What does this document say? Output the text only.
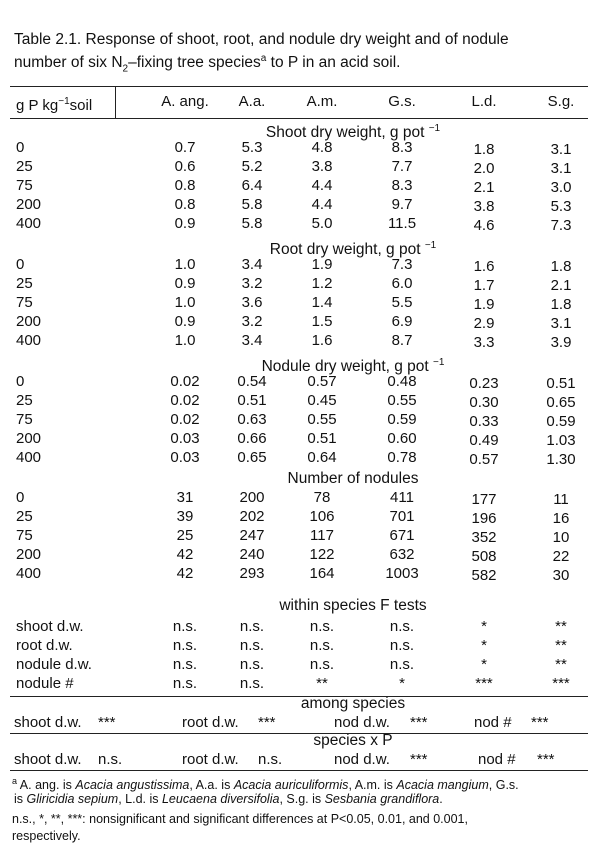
Table 2.1. Response of shoot, root, and nodule dry weight and of nodule
number of six $N_2$–fixing tree species$^a$ to P in an acid soil.
g P $kg^{-1}soil$	A. ang.	A.a.	A.m.	G.s.	L.d.	S.g.
Shoot dry weight, g pot $^{-1}$
0	0.7	5.3	4.8	8.3	1.8	3.1
25	0.6	5.2	3.8	7.7	2.0	3.1
75	0.8	6.4	4.4	8.3	2.1	3.0
200	0.8	5.8	4.4	9.7	3.8	5.3
400	0.9	5.8	5.0	11.5	4.6	7.3
Root dry weight, g pot $^{-1}$
0	1.0	3.4	1.9	7.3	1.6	1.8
25	0.9	3.2	1.2	6.0	1.7	2.1
75	1.0	3.6	1.4	5.5	1.9	1.8
200	0.9	3.2	1.5	6.9	2.9	3.1
400	1.0	3.4	1.6	8.7	3.3	3.9
Nodule dry weight, g pot $^{-1}$
0	0.02	0.54	0.57	0.48	0.23	0.51
25	0.02	0.51	0.45	0.55	0.30	0.65
75	0.02	0.63	0.55	0.59	0.33	0.59
200	0.03	0.66	0.51	0.60	0.49	1.03
400	0.03	0.65	0.64	0.78	0.57	1.30
Number of nodules
0	31	200	78	411	177	11
25	39	202	106	701	196	16
75	25	247	117	671	352	10
200	42	240	122	632	508	22
400	42	293	164	1003	582	30
within species F tests
shoot d.w.	n.s.	n.s.	n.s.	n.s.	*	**
root d.w.	n.s.	n.s.	n.s.	n.s.	*	**
nodule d.w.	n.s.	n.s.	n.s.	n.s.	*	**
nodule #	n.s.	n.s.	**	*	***	***
among species
shoot d.w. ***	root d.w. ***	nod d.w. ***	nod # ***
species x P
shoot d.w. n.s.	root d.w. n.s.	nod d.w. ***	nod # ***
$^a$ A. ang. is Acacia angustissima, A.a. is Acacia auriculiformis, A.m. is Acacia mangium, G.s.
is Gliricidia sepium, L.d. is Leucaena diversifolia, S.g. is Sesbania grandiflora.
n.s., *, **, ***: nonsignificant and significant differences at P<0.05, 0.01, and 0.001,
respectively.
